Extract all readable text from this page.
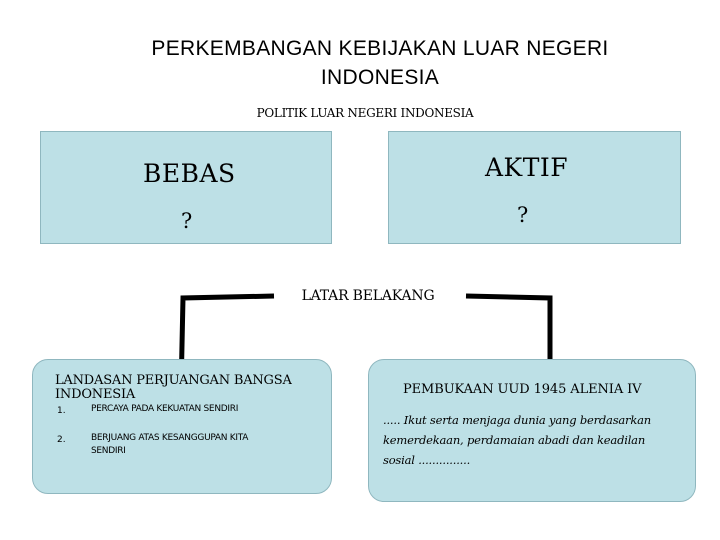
PERKEMBANGAN KEBIJAKAN LUAR NEGERI
INDONESIA
POLITIK LUAR NEGERI INDONESIA
BEBAS
?
AKTIF
?
LATAR BELAKANG
LANDASAN PERJUANGAN BANGSA INDONESIA
1.	PERCAYA PADA KEKUATAN SENDIRI
2.	BERJUANG ATAS KESANGGUPAN KITA SENDIRI
PEMBUKAAN UUD 1945 ALENIA IV
..... Ikut serta menjaga dunia yang berdasarkan kemerdekaan, perdamaian abadi dan keadilan sosial ...............
